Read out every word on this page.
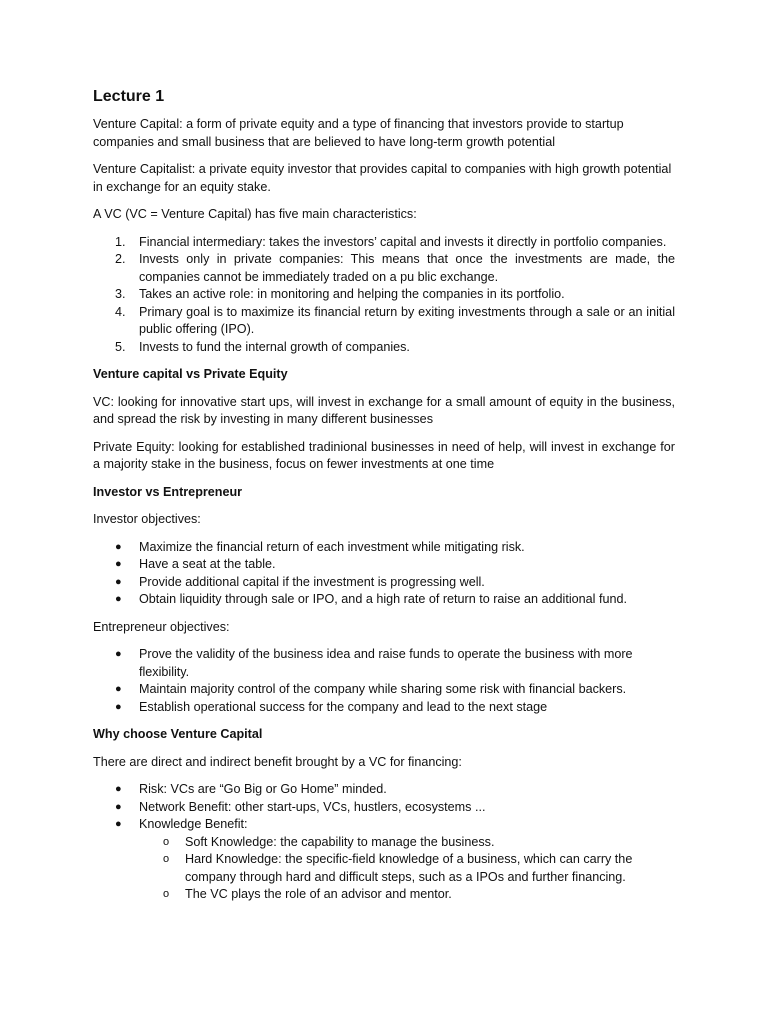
Lecture 1

Venture Capital: a form of private equity and a type of financing that investors provide to startup companies and small business that are believed to have long-term growth potential

Venture Capitalist: a private equity investor that provides capital to companies with high growth potential in exchange for an equity stake.

A VC (VC = Venture Capital) has five main characteristics:

1.	Financial intermediary: takes the investors’ capital and invests it directly in portfolio companies.
2.	Invests only in private companies: This means that once the investments are made, the companies cannot be immediately traded on a pu blic exchange.
3.	Takes an active role: in monitoring and helping the companies in its portfolio.
4.	Primary goal is to maximize its financial return by exiting investments through a sale or an initial public offering (IPO).
5.	Invests to fund the internal growth of companies.

Venture capital vs Private Equity

VC: looking for innovative start ups, will invest in exchange for a small amount of equity in the business, and spread the risk by investing in many different businesses

Private Equity: looking for established tradinional businesses in need of help, will invest in exchange for a majority stake in the business, focus on fewer investments at one time

Investor vs Entrepreneur

Investor objectives:

●	Maximize the financial return of each investment while mitigating risk.
●	Have a seat at the table.
●	Provide additional capital if the investment is progressing well.
●	Obtain liquidity through sale or IPO, and a high rate of return to raise an additional fund.

Entrepreneur objectives:

●	Prove the validity of the business idea and raise funds to operate the business with more flexibility.
●	Maintain majority control of the company while sharing some risk with financial backers.
●	Establish operational success for the company and lead to the next stage

Why choose Venture Capital

There are direct and indirect benefit brought by a VC for financing:

●	Risk: VCs are “Go Big or Go Home” minded.
●	Network Benefit: other start-ups, VCs, hustlers, ecosystems ...
●	Knowledge Benefit:
o	Soft Knowledge: the capability to manage the business.
o	Hard Knowledge: the specific-field knowledge of a business, which can carry the company through hard and difficult steps, such as a IPOs and further financing.
o	The VC plays the role of an advisor and mentor.
